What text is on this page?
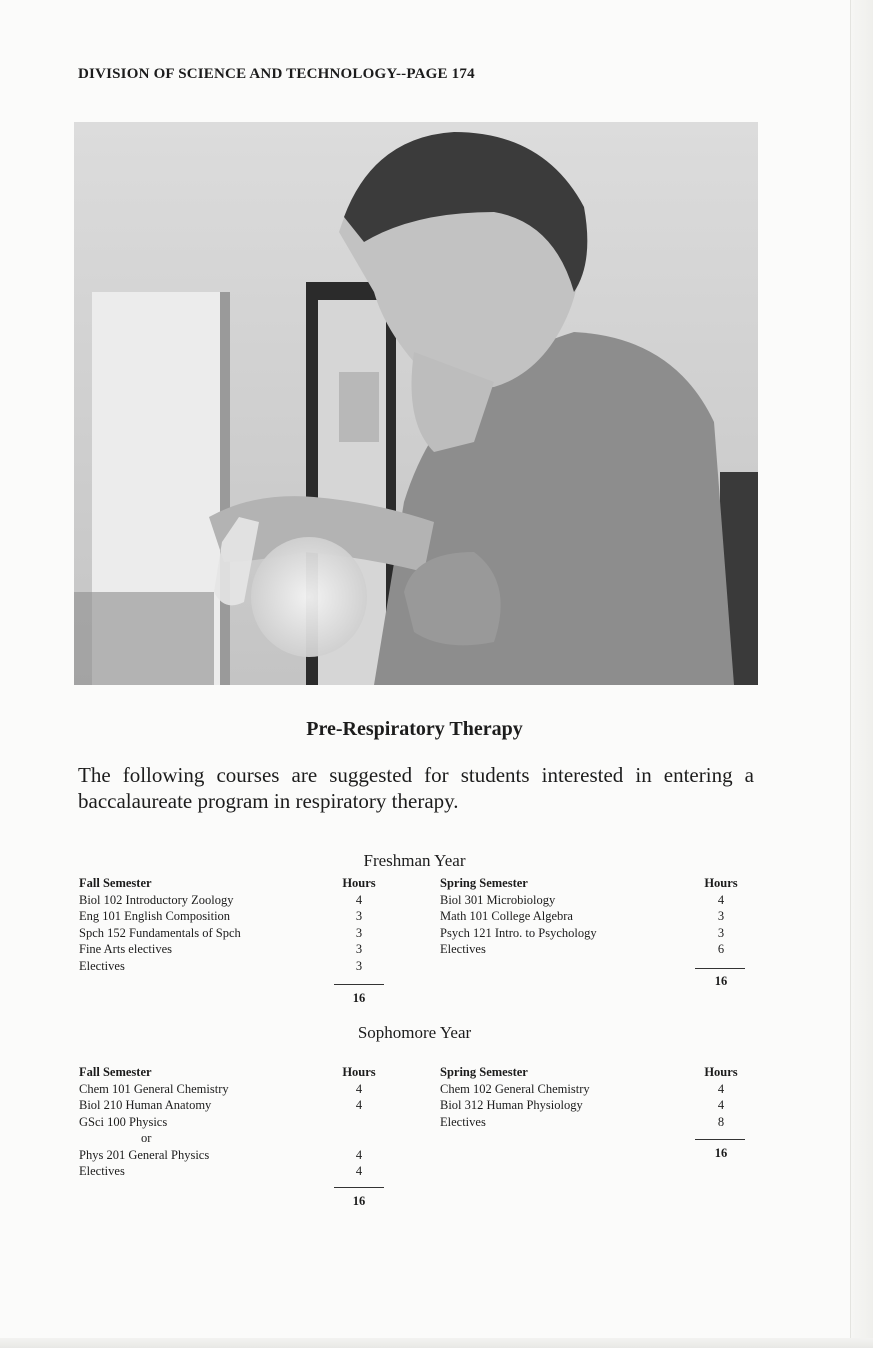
DIVISION OF SCIENCE AND TECHNOLOGY--PAGE 174
Pre-Respiratory Therapy
The following courses are suggested for students interested in entering a baccalaureate program in respiratory therapy.
Freshman Year
Fall Semester
Biol 102 Introductory Zoology
Eng 101 English Composition
Spch 152 Fundamentals of Spch
Fine Arts electives
Electives
Hours
4
3
3
3
3
16
Spring Semester
Biol 301 Microbiology
Math 101 College Algebra
Psych 121 Intro. to Psychology
Electives
Hours
4
3
3
6
16
Sophomore Year
Fall Semester
Chem 101 General Chemistry
Biol 210 Human Anatomy
GSci 100 Physics
or
Phys 201 General Physics
Electives
Hours
4
4
4
4
16
Spring Semester
Chem 102 General Chemistry
Biol 312 Human Physiology
Electives
Hours
4
4
8
16
